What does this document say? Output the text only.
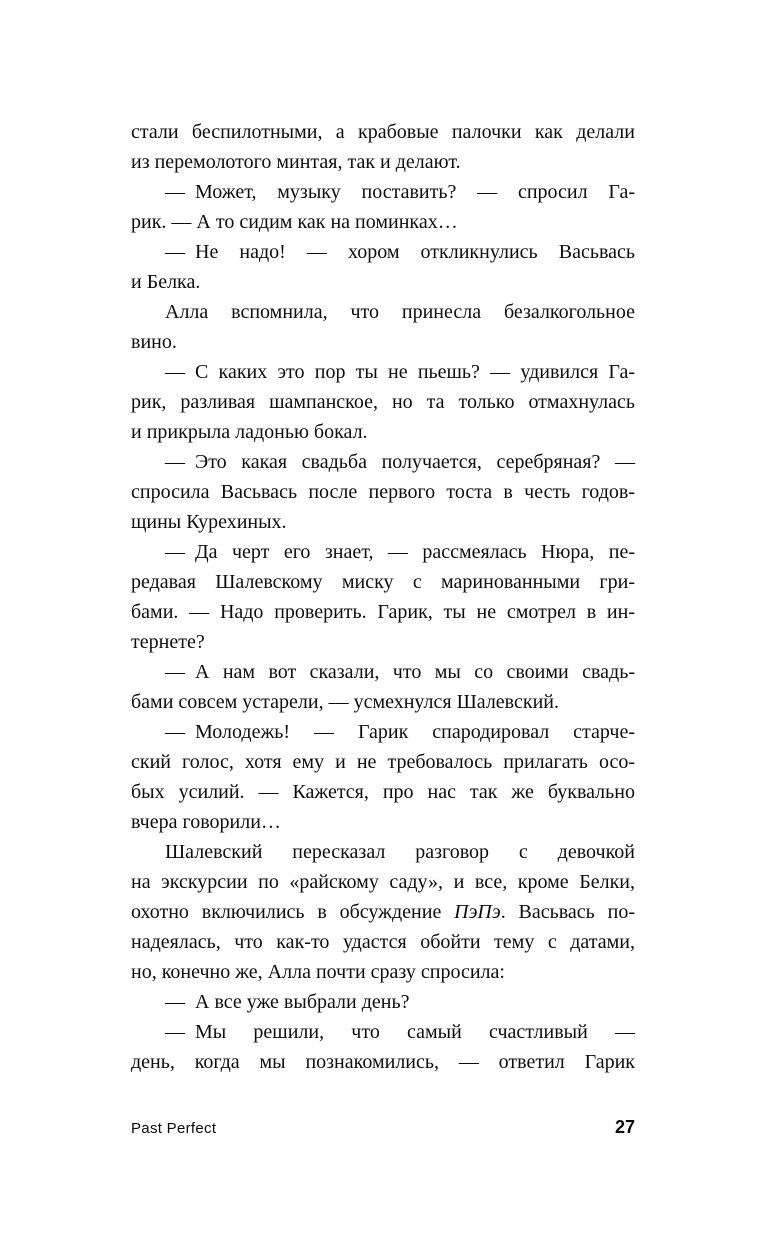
стали беспилотными, а крабовые палочки как делали
из перемолотого минтая, так и делают.
— Может, музыку поставить? — спросил Га-
рик. — А то сидим как на поминках…
— Не надо! — хором откликнулись Васьвась
и Белка.
Алла вспомнила, что принесла безалкогольное
вино.
— С каких это пор ты не пьешь? — удивился Га-
рик, разливая шампанское, но та только отмахнулась
и прикрыла ладонью бокал.
— Это какая свадьба получается, серебряная? —
спросила Васьвась после первого тоста в честь годов-
щины Курехиных.
— Да черт его знает, — рассмеялась Нюра, пе-
редавая Шалевскому миску с маринованными гри-
бами. — Надо проверить. Гарик, ты не смотрел в ин-
тернете?
— А нам вот сказали, что мы со своими свадь-
бами совсем устарели, — усмехнулся Шалевский.
— Молодежь! — Гарик спародировал старче-
ский голос, хотя ему и не требовалось прилагать осо-
бых усилий. — Кажется, про нас так же буквально
вчера говорили…
Шалевский пересказал разговор с девочкой
на экскурсии по «райскому саду», и все, кроме Белки,
охотно включились в обсуждение ПэПэ. Васьвась по-
надеялась, что как-то удастся обойти тему с датами,
но, конечно же, Алла почти сразу спросила:
— А все уже выбрали день?
— Мы решили, что самый счастливый —
день, когда мы познакомились, — ответил Гарик
Past Perfect	27
